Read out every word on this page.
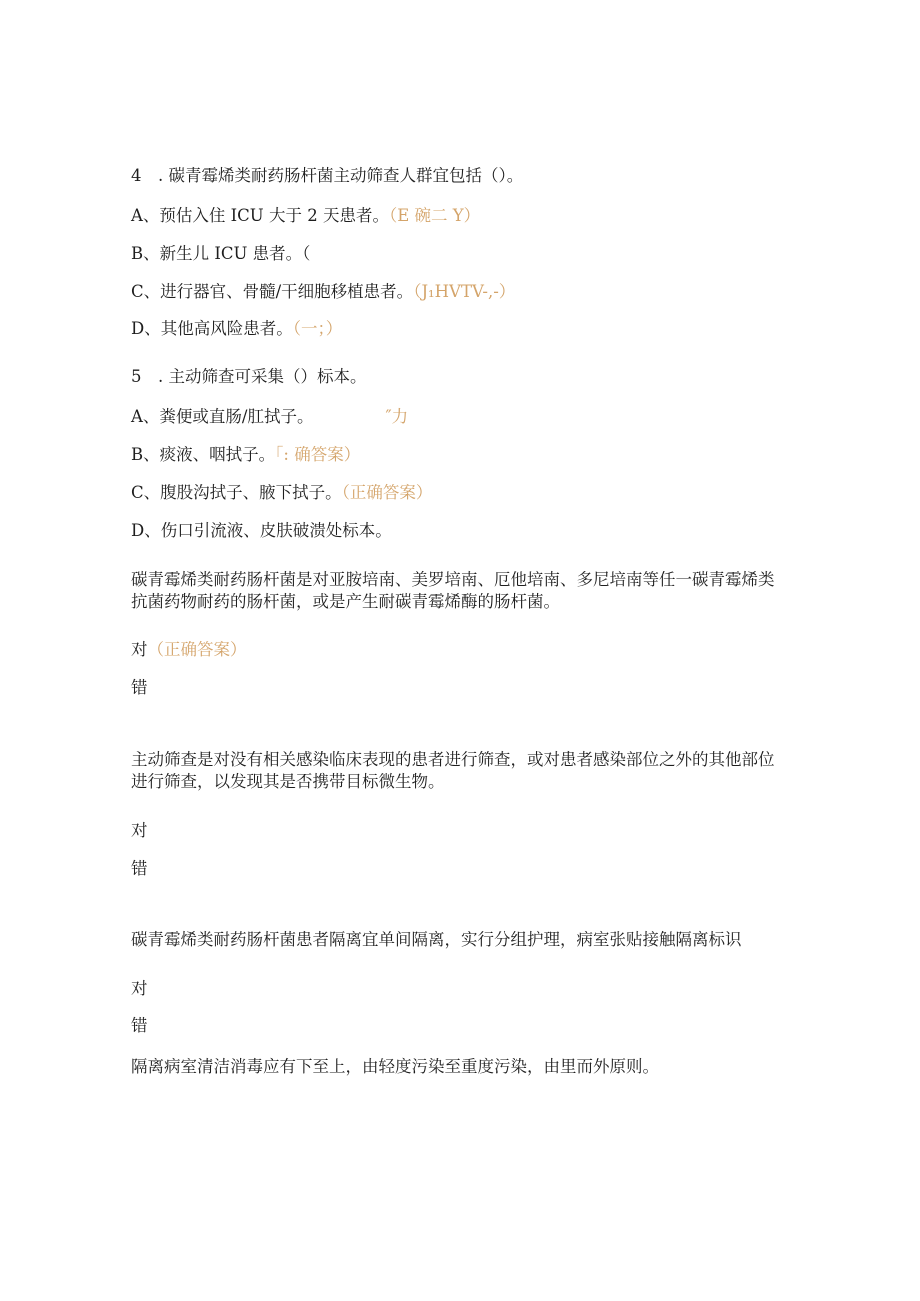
4　. 碳青霉烯类耐药肠杆菌主动筛查人群宜包括（）。
A、预估入住 ICU 大于 2 天患者。（E 碗二 Y）
B、新生儿 ICU 患者。（
C、进行器官、骨髓/干细胞移植患者。（J₁HVTV-,-）
D、其他高风险患者。（一；）
5　. 主动筛查可采集（）标本。
A、粪便或直肠/肛拭子。	″力
B、痰液、咽拭子。「: 确答案）
C、腹股沟拭子、腋下拭子。（正确答案）
D、伤口引流液、皮肤破溃处标本。
碳青霉烯类耐药肠杆菌是对亚胺培南、美罗培南、厄他培南、多尼培南等任一碳青霉烯类抗菌药物耐药的肠杆菌，或是产生耐碳青霉烯酶的肠杆菌。
对（正确答案）
错
主动筛查是对没有相关感染临床表现的患者进行筛查，或对患者感染部位之外的其他部位进行筛查，以发现其是否携带目标微生物。
对
错
碳青霉烯类耐药肠杆菌患者隔离宜单间隔离，实行分组护理，病室张贴接触隔离标识
对
错
隔离病室清洁消毒应有下至上，由轻度污染至重度污染，由里而外原则。
